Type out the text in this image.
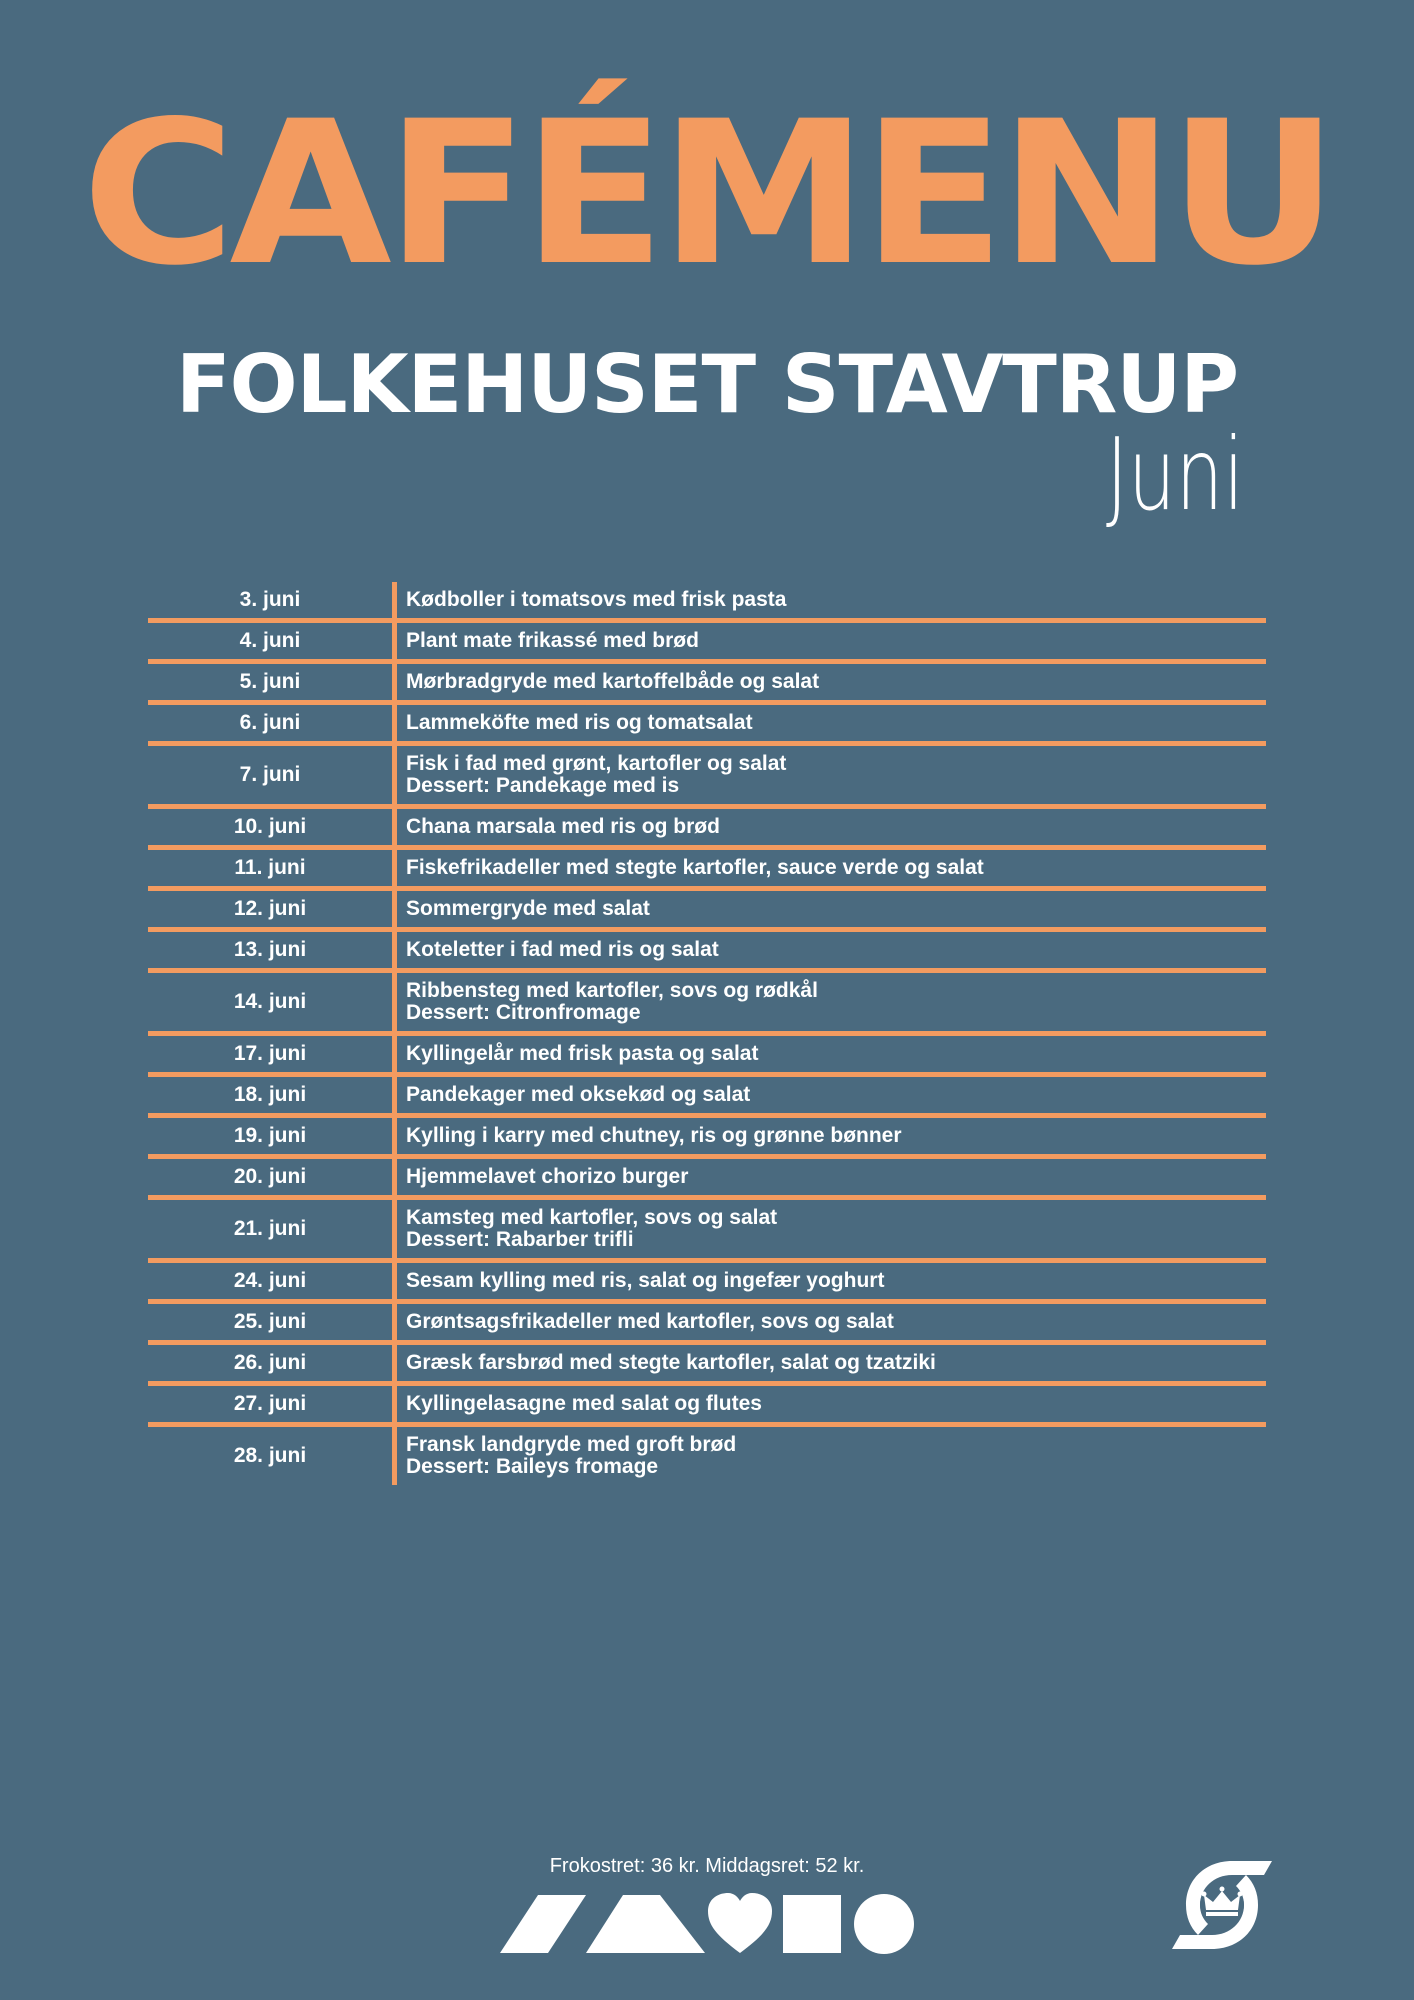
CAFÉMENU
FOLKEHUSET STAVTRUP
Juni
3. juni	Kødboller i tomatsovs med frisk pasta
4. juni	Plant mate frikassé med brød
5. juni	Mørbradgryde med kartoffelbåde og salat
6. juni	Lammeköfte med ris og tomatsalat
7. juni	Fisk i fad med grønt, kartofler og salat
Dessert: Pandekage med is
10. juni	Chana marsala med ris og brød
11. juni	Fiskefrikadeller med stegte kartofler, sauce verde og salat
12. juni	Sommergryde med salat
13. juni	Koteletter i fad med ris og salat
14. juni	Ribbensteg med kartofler, sovs og rødkål
Dessert: Citronfromage
17. juni	Kyllingelår med frisk pasta og salat
18. juni	Pandekager med oksekød og salat
19. juni	Kylling i karry med chutney, ris og grønne bønner
20. juni	Hjemmelavet chorizo burger
21. juni	Kamsteg med kartofler, sovs og salat
Dessert: Rabarber trifli
24. juni	Sesam kylling med ris, salat og ingefær yoghurt
25. juni	Grøntsagsfrikadeller med kartofler, sovs og salat
26. juni	Græsk farsbrød med stegte kartofler, salat og tzatziki
27. juni	Kyllingelasagne med salat og flutes
28. juni	Fransk landgryde med groft brød
Dessert: Baileys fromage
Frokostret: 36 kr. Middagsret: 52 kr.
